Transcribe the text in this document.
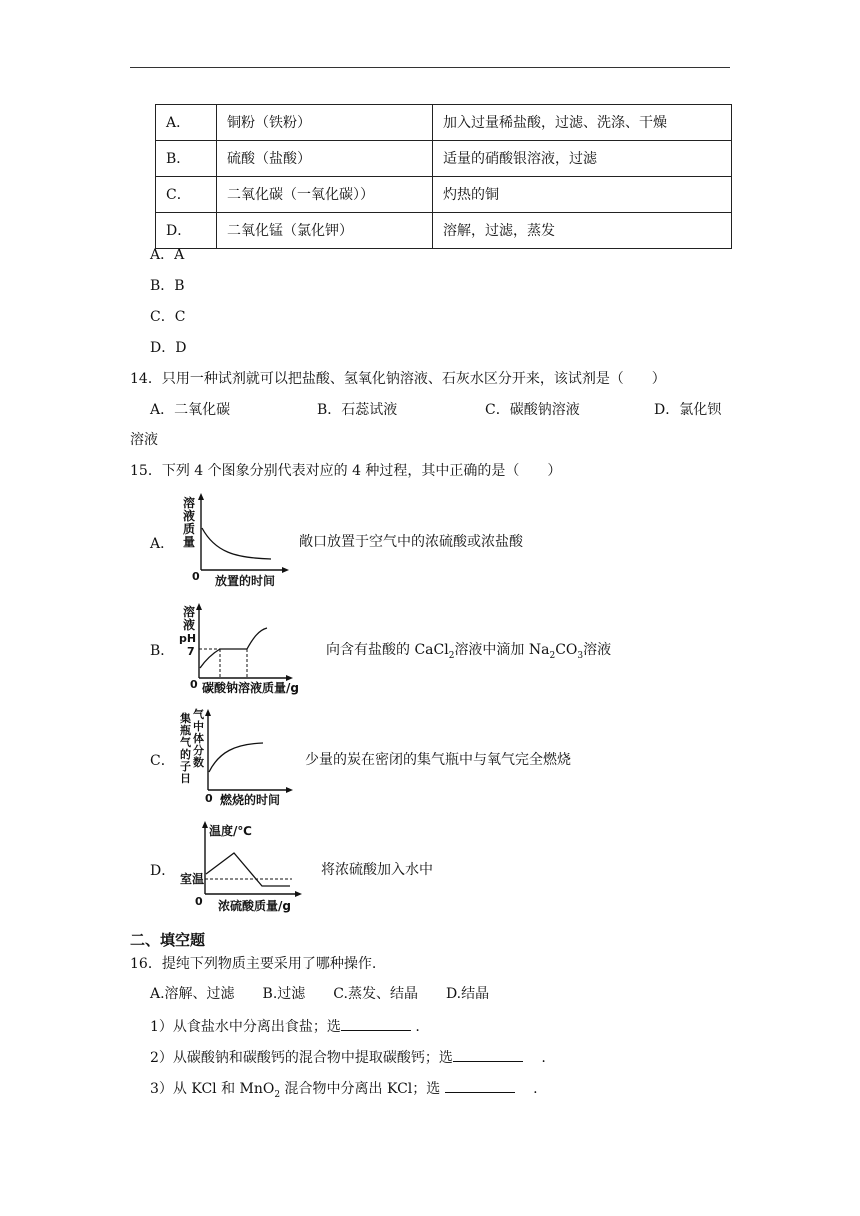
A．	铜粉（铁粉）	加入过量稀盐酸，过滤、洗涤、干燥
B．	硫酸（盐酸）	适量的硝酸银溶液，过滤
C．	二氧化碳（一氧化碳））	灼热的铜
D．	二氧化锰（氯化钾）	溶解，过滤，蒸发
A．A
B．B
C．C
D．D
14．只用一种试剂就可以把盐酸、氢氧化钠溶液、石灰水区分开来，该试剂是（　　）
A．二氧化碳	B．石蕊试液	C．碳酸钠溶液	D．氯化钡
溶液
15．下列 4 个图象分别代表对应的 4 种过程，其中正确的是（　　）
A．
溶
液
质
量
0 放置的时间
敞口放置于空气中的浓硫酸或浓盐酸
B．
溶
液
pH
7
0 碳酸钠溶液质量/g
向含有盐酸的 CaCl$_2$溶液中滴加 $Na_2CO_3$溶液
C．
集
瓶
气
的
子
日
气
中
体
分
数
0 燃烧的时间
少量的炭在密闭的集气瓶中与氧气完全燃烧
D．
温度/℃
室温
0 浓硫酸质量/g
将浓硫酸加入水中
二、填空题
16．提纯下列物质主要采用了哪种操作.
A.溶解、过滤　　B.过滤　　C.蒸发、结晶　　D.结晶
1）从食盐水中分离出食盐；选	.
2）从碳酸钠和碳酸钙的混合物中提取碳酸钙；选	　 .
3）从 KCl 和 MnO$_2$ 混合物中分离出 KCl；选	　 .
